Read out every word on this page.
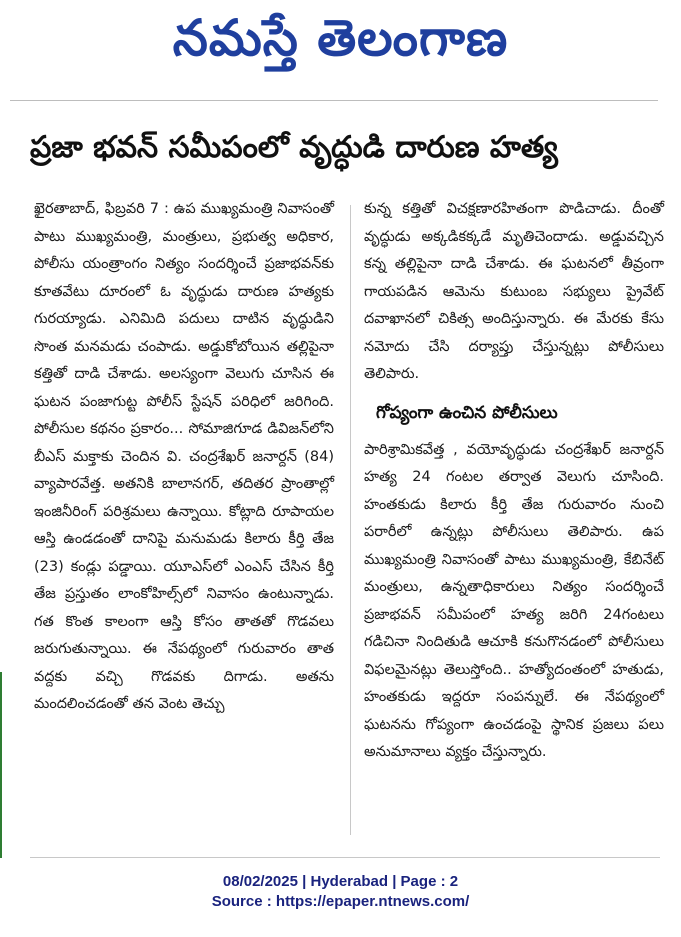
నమస్తే తెలంగాణ
ప్రజా భవన్ సమీపంలో వృద్ధుడి దారుణ హత్య

ఖైరతాబాద్, ఫిబ్రవరి 7 : ఉప ముఖ్యమంత్రి నివాసంతో పాటు ముఖ్యమంత్రి, మంత్రులు, ప్రభుత్వ అధికార, పోలీసు యంత్రాంగం నిత్యం సందర్శించే ప్రజాభవన్‌కు కూతవేటు దూరంలో ఓ వృద్ధుడు దారుణ హత్యకు గురయ్యాడు. ఎనిమిది పదులు దాటిన వృద్ధుడిని సొంత మనమడు చంపాడు. అడ్డుకోబోయిన తల్లిపైనా కత్తితో దాడి చేశాడు. అలస్యంగా వెలుగు చూసిన ఈ ఘటన పంజాగుట్ట పోలీస్ స్టేషన్ పరిధిలో జరిగింది. పోలీసుల కథనం ప్రకారం... సోమాజిగూడ డివిజన్‌లోని బీఎస్ మక్తాకు చెందిన వి. చంద్రశేఖర్ జనార్దన్ (84) వ్యాపారవేత్త. అతనికి బాలానగర్, తదితర ప్రాంతాల్లో ఇంజినీరింగ్ పరిశ్రమలు ఉన్నాయి. కోట్లాది రూపాయల ఆస్తి ఉండడంతో దానిపై మనుమడు కిలారు కీర్తి తేజ (23) కండ్లు పడ్డాయి. యూఎస్‌లో ఎంఎస్ చేసిన కీర్తి తేజ ప్రస్తుతం లాంకోహిల్స్‌లో నివాసం ఉంటున్నాడు. గత కొంత కాలంగా ఆస్తి కోసం తాతతో గొడవలు జరుగుతున్నాయి. ఈ నేపథ్యంలో గురువారం తాత వద్దకు వచ్చి గొడవకు దిగాడు. అతను మందలించడంతో తన వెంట తెచ్చు

కున్న కత్తితో విచక్షణారహితంగా పొడిచాడు. దీంతో వృద్ధుడు అక్కడికక్కడే మృతిచెందాడు. అడ్డువచ్చిన కన్న తల్లిపైనా దాడి చేశాడు. ఈ ఘటనలో తీవ్రంగా గాయపడిన ఆమెను కుటుంబ సభ్యులు ప్రైవేట్ దవాఖానలో చికిత్స అందిస్తున్నారు. ఈ మేరకు కేసు నమోదు చేసి దర్యాప్తు చేస్తున్నట్లు పోలీసులు తెలిపారు.

గోప్యంగా ఉంచిన పోలీసులు

పారిశ్రామికవేత్త , వయోవృద్ధుడు చంద్రశేఖర్ జనార్దన్ హత్య 24 గంటల తర్వాత వెలుగు చూసింది. హంతకుడు కిలారు కీర్తి తేజ గురువారం నుంచి పరారీలో ఉన్నట్లు పోలీసులు తెలిపారు. ఉప ముఖ్యమంత్రి నివాసంతో పాటు ముఖ్యమంత్రి, కేబినేట్ మంత్రులు, ఉన్నతాధికారులు నిత్యం సందర్శించే ప్రజాభవన్ సమీపంలో హత్య జరిగి 24గంటలు గడిచినా నిందితుడి ఆచూకి కనుగొనడంలో పోలీసులు విఫలమైనట్లు తెలుస్తోంది.. హత్యోదంతంలో హతుడు, హంతకుడు ఇద్దరూ సంపన్నులే. ఈ నేపథ్యంలో ఘటనను గోప్యంగా ఉంచడంపై స్థానిక ప్రజలు పలు అనుమానాలు వ్యక్తం చేస్తున్నారు.

08/02/2025 | Hyderabad | Page : 2
Source : https://epaper.ntnews.com/
